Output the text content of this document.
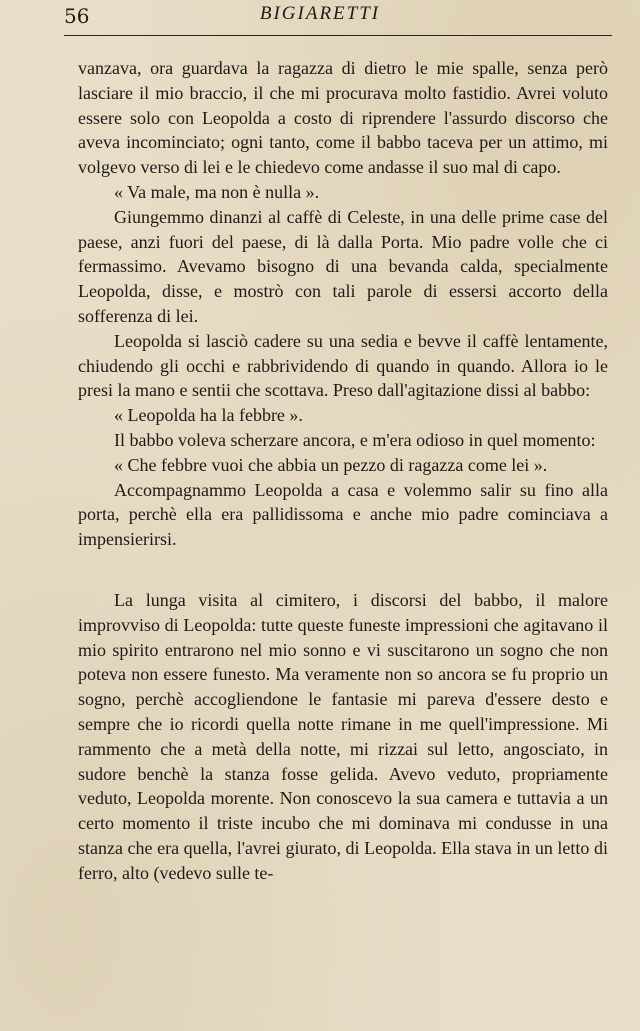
56	BIGIARETTI

vanzava, ora guardava la ragazza di dietro le mie spalle, senza però lasciare il mio braccio, il che mi procurava molto fastidio. Avrei voluto essere solo con Leopolda a costo di riprendere l'assurdo discorso che aveva incominciato; ogni tanto, come il babbo taceva per un attimo, mi volgevo verso di lei e le chiedevo come andasse il suo mal di capo.

« Va male, ma non è nulla ».

Giungemmo dinanzi al caffè di Celeste, in una delle prime case del paese, anzi fuori del paese, di là dalla Porta. Mio padre volle che ci fermassimo. Avevamo bisogno di una bevanda calda, specialmente Leopolda, disse, e mostrò con tali parole di essersi accorto della sofferenza di lei.

Leopolda si lasciò cadere su una sedia e bevve il caffè lentamente, chiudendo gli occhi e rabbrividendo di quando in quando. Allora io le presi la mano e sentii che scottava. Preso dall'agitazione dissi al babbo:

« Leopolda ha la febbre ».

Il babbo voleva scherzare ancora, e m'era odioso in quel momento:

« Che febbre vuoi che abbia un pezzo di ragazza come lei ».

Accompagnammo Leopolda a casa e volemmo salir su fino alla porta, perchè ella era pallidissoma e anche mio padre cominciava a impensierirsi.

La lunga visita al cimitero, i discorsi del babbo, il malore improvviso di Leopolda: tutte queste funeste impressioni che agitavano il mio spirito entrarono nel mio sonno e vi suscitarono un sogno che non poteva non essere funesto. Ma veramente non so ancora se fu proprio un sogno, perchè accogliendone le fantasie mi pareva d'essere desto e sempre che io ricordi quella notte rimane in me quell'impressione. Mi rammento che a metà della notte, mi rizzai sul letto, angosciato, in sudore benchè la stanza fosse gelida. Avevo veduto, propriamente veduto, Leopolda morente. Non conoscevo la sua camera e tuttavia a un certo momento il triste incubo che mi dominava mi condusse in una stanza che era quella, l'avrei giurato, di Leopolda. Ella stava in un letto di ferro, alto (vedevo sulle te-
